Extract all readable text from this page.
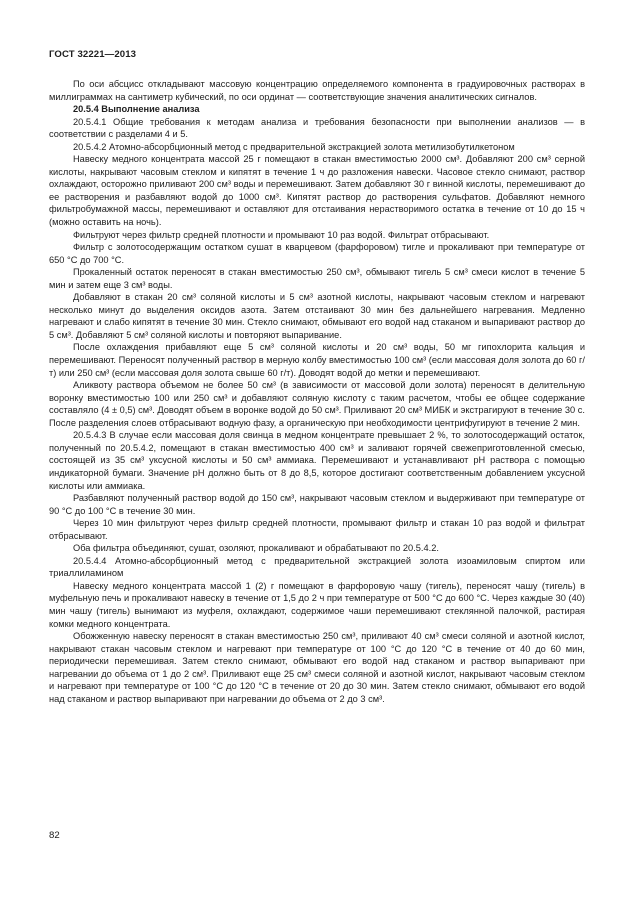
ГОСТ 32221—2013

По оси абсцисс откладывают массовую концентрацию определяемого компонента в градуировочных растворах в миллиграммах на сантиметр кубический, по оси ординат — соответствующие значения аналитических сигналов.

20.5.4 Выполнение анализа

20.5.4.1 Общие требования к методам анализа и требования безопасности при выполнении анализов — в соответствии с разделами 4 и 5.

20.5.4.2 Атомно-абсорбционный метод с предварительной экстракцией золота метилизобутилкетоном

Навеску медного концентрата массой 25 г помещают в стакан вместимостью 2000 см³. Добавляют 200 см³ серной кислоты, накрывают часовым стеклом и кипятят в течение 1 ч до разложения навески. Часовое стекло снимают, раствор охлаждают, осторожно приливают 200 см³ воды и перемешивают. Затем добавляют 30 г винной кислоты, перемешивают до ее растворения и разбавляют водой до 1000 см³. Кипятят раствор до растворения сульфатов. Добавляют немного фильтробумажной массы, перемешивают и оставляют для отстаивания нерастворимого остатка в течение от 10 до 15 ч (можно оставить на ночь).

Фильтруют через фильтр средней плотности и промывают 10 раз водой. Фильтрат отбрасывают.

Фильтр с золотосодержащим остатком сушат в кварцевом (фарфоровом) тигле и прокаливают при температуре от 650 °С до 700 °С.

Прокаленный остаток переносят в стакан вместимостью 250 см³, обмывают тигель 5 см³ смеси кислот в течение 5 мин и затем еще 3 см³ воды.

Добавляют в стакан 20 см³ соляной кислоты и 5 см³ азотной кислоты, накрывают часовым стеклом и нагревают несколько минут до выделения оксидов азота. Затем отстаивают 30 мин без дальнейшего нагревания. Медленно нагревают и слабо кипятят в течение 30 мин. Стекло снимают, обмывают его водой над стаканом и выпаривают раствор до 5 см³. Добавляют 5 см³ соляной кислоты и повторяют выпаривание.

После охлаждения прибавляют еще 5 см³ соляной кислоты и 20 см³ воды, 50 мг гипохлорита кальция и перемешивают. Переносят полученный раствор в мерную колбу вместимостью 100 см³ (если массовая доля золота до 60 г/т) или 250 см³ (если массовая доля золота свыше 60 г/т). Доводят водой до метки и перемешивают.

Аликвоту раствора объемом не более 50 см³ (в зависимости от массовой доли золота) переносят в делительную воронку вместимостью 100 или 250 см³ и добавляют соляную кислоту с таким расчетом, чтобы ее общее содержание составляло (4 ± 0,5) см³. Доводят объем в воронке водой до 50 см³. Приливают 20 см³ МИБК и экстрагируют в течение 30 с. После разделения слоев отбрасывают водную фазу, а органическую при необходимости центрифугируют в течение 2 мин.

20.5.4.3 В случае если массовая доля свинца в медном концентрате превышает 2 %, то золотосодержащий остаток, полученный по 20.5.4.2, помещают в стакан вместимостью 400 см³ и заливают горячей свежеприготовленной смесью, состоящей из 35 см³ уксусной кислоты и 50 см³ аммиака. Перемешивают и устанавливают рН раствора с помощью индикаторной бумаги. Значение рН должно быть от 8 до 8,5, которое достигают соответственным добавлением уксусной кислоты или аммиака.

Разбавляют полученный раствор водой до 150 см³, накрывают часовым стеклом и выдерживают при температуре от 90 °С до 100 °С в течение 30 мин.

Через 10 мин фильтруют через фильтр средней плотности, промывают фильтр и стакан 10 раз водой и фильтрат отбрасывают.

Оба фильтра объединяют, сушат, озоляют, прокаливают и обрабатывают по 20.5.4.2.

20.5.4.4 Атомно-абсорбционный метод с предварительной экстракцией золота изоамиловым спиртом или триаллиламином

Навеску медного концентрата массой 1 (2) г помещают в фарфоровую чашу (тигель), переносят чашу (тигель) в муфельную печь и прокаливают навеску в течение от 1,5 до 2 ч при температуре от 500 °С до 600 °С. Через каждые 30 (40) мин чашу (тигель) вынимают из муфеля, охлаждают, содержимое чаши перемешивают стеклянной палочкой, растирая комки медного концентрата.

Обожженную навеску переносят в стакан вместимостью 250 см³, приливают 40 см³ смеси соляной и азотной кислот, накрывают стакан часовым стеклом и нагревают при температуре от 100 °С до 120 °С в течение от 40 до 60 мин, периодически перемешивая. Затем стекло снимают, обмывают его водой над стаканом и раствор выпаривают при нагревании до объема от 1 до 2 см³. Приливают еще 25 см³ смеси соляной и азотной кислот, накрывают часовым стеклом и нагревают при температуре от 100 °С до 120 °С в течение от 20 до 30 мин. Затем стекло снимают, обмывают его водой над стаканом и раствор выпаривают при нагревании до объема от 2 до 3 см³.

82
